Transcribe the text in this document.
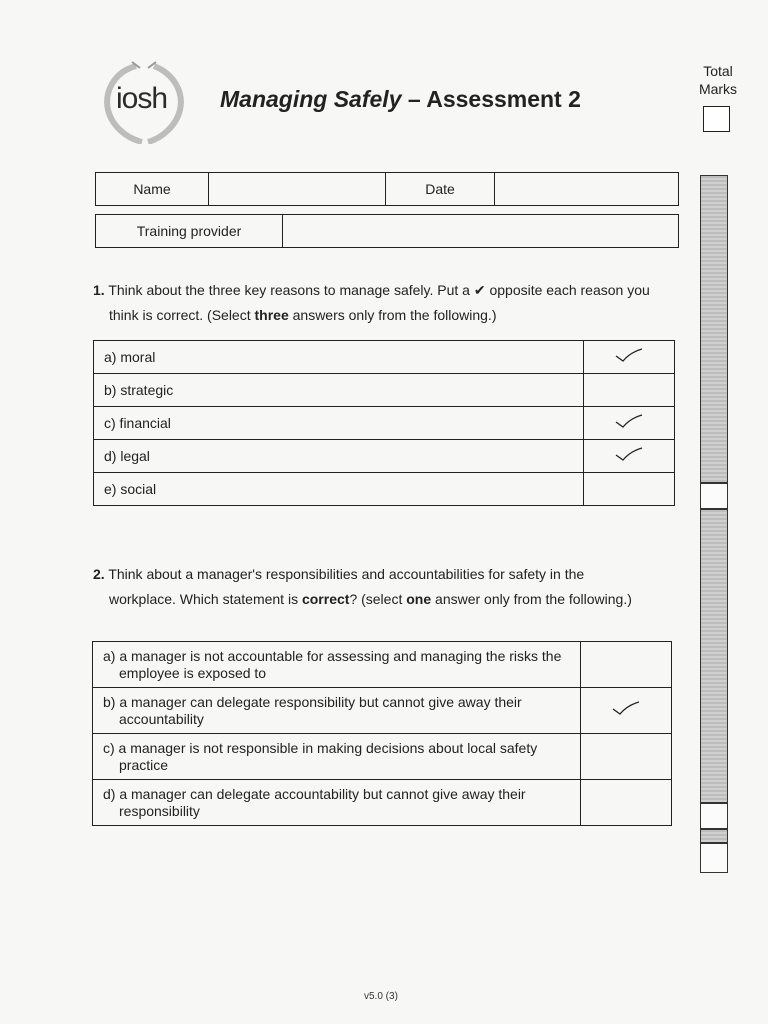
iosh Managing Safely – Assessment 2
Total
Marks
Name		Date	
Training provider	
1. Think about the three key reasons to manage safely. Put a ✔ opposite each reason you
think is correct. (Select three answers only from the following.)
a) moral	
b) strategic	
c) financial	
d) legal	
e) social	
2. Think about a manager's responsibilities and accountabilities for safety in the
workplace. Which statement is correct? (select one answer only from the following.)
a) a manager is not accountable for assessing and managing the risks the
employee is exposed to	

b) a manager can delegate responsibility but cannot give away their
accountability

c) a manager is not responsible in making decisions about local safety
practice	

d) a manager can delegate accountability but cannot give away their
responsibility	

v5.0 (3)
